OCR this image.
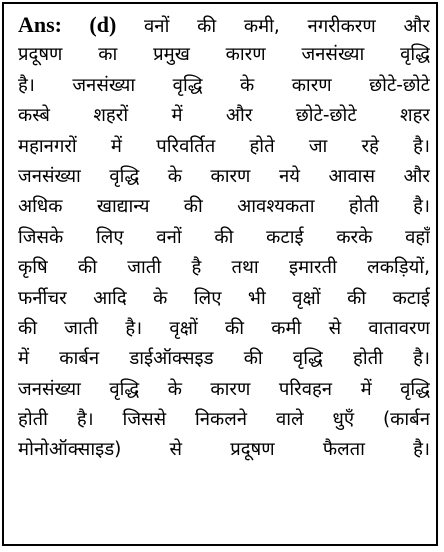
Ans: (d) वनों की कमी, नगरीकरण और
प्रदूषण का प्रमुख कारण जनसंख्या वृद्धि
है। जनसंख्या वृद्धि के कारण छोटे-छोटे
कस्बे शहरों में और छोटे-छोटे शहर
महानगरों में परिवर्तित होते जा रहे है।
जनसंख्या वृद्धि के कारण नये आवास और
अधिक खाद्यान्य की आवश्यकता होती है।
जिसके लिए वनों की कटाई करके वहाँ
कृषि की जाती है तथा इमारती लकड़ियों,
फर्नीचर आदि के लिए भी वृक्षों की कटाई
की जाती है। वृक्षों की कमी से वातावरण
में कार्बन डाईऑक्सइड की वृद्धि होती है।
जनसंख्या वृद्धि के कारण परिवहन में वृद्धि
होती है। जिससे निकलने वाले धुएँ (कार्बन
मोनोऑक्साइड) से प्रदूषण फैलता है।
